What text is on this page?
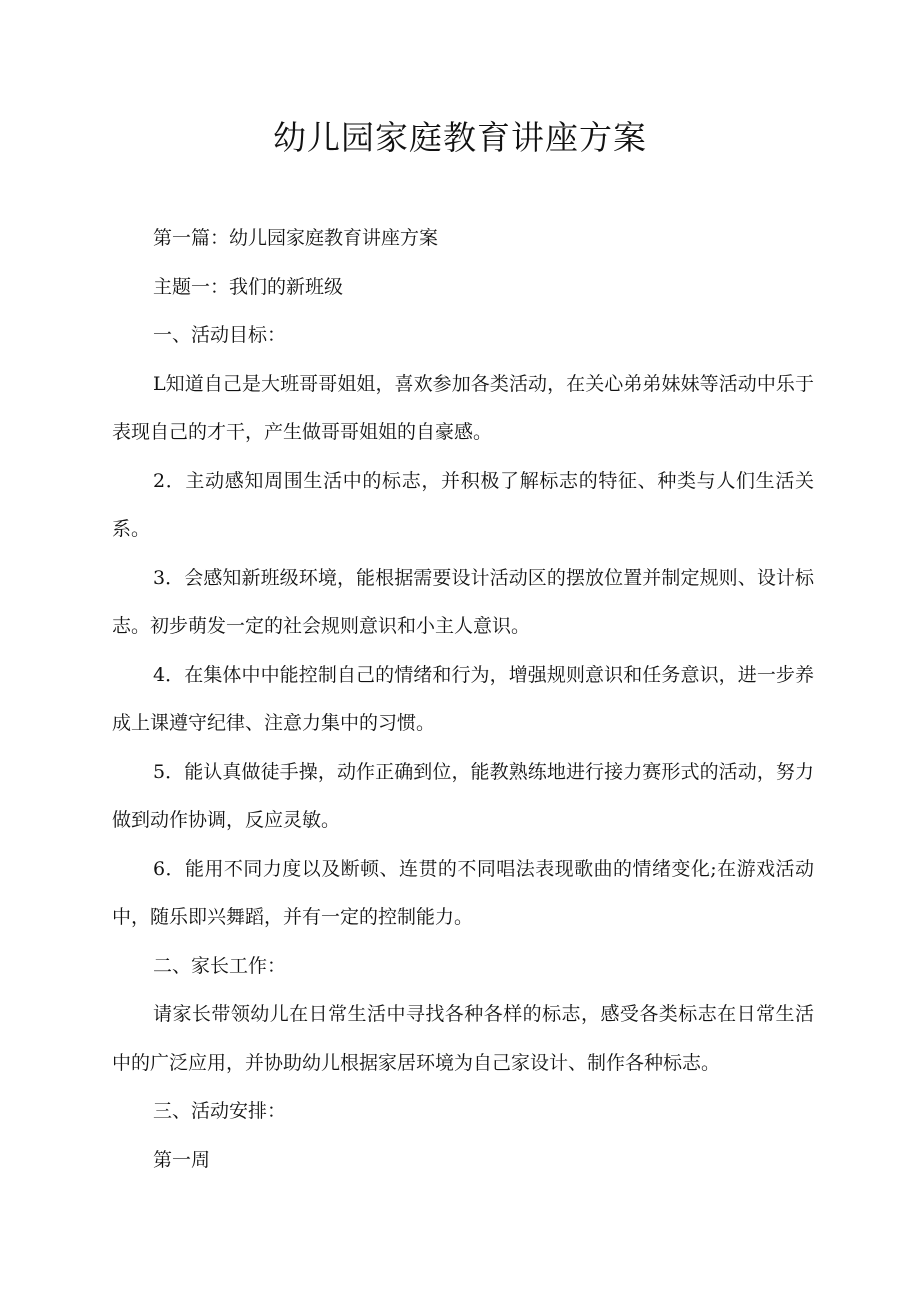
幼儿园家庭教育讲座方案

第一篇：幼儿园家庭教育讲座方案

主题一：我们的新班级

一、活动目标：

L知道自己是大班哥哥姐姐，喜欢参加各类活动，在关心弟弟妹妹等活动中乐于表现自己的才干，产生做哥哥姐姐的自豪感。

2．主动感知周围生活中的标志，并积极了解标志的特征、种类与人们生活关系。

3．会感知新班级环境，能根据需要设计活动区的摆放位置并制定规则、设计标志。初步萌发一定的社会规则意识和小主人意识。

4．在集体中中能控制自己的情绪和行为，增强规则意识和任务意识，进一步养成上课遵守纪律、注意力集中的习惯。

5．能认真做徒手操，动作正确到位，能教熟练地进行接力赛形式的活动，努力做到动作协调，反应灵敏。

6．能用不同力度以及断顿、连贯的不同唱法表现歌曲的情绪变化;在游戏活动中，随乐即兴舞蹈，并有一定的控制能力。

二、家长工作：

请家长带领幼儿在日常生活中寻找各种各样的标志，感受各类标志在日常生活中的广泛应用，并协助幼儿根据家居环境为自己家设计、制作各种标志。

三、活动安排：

第一周
